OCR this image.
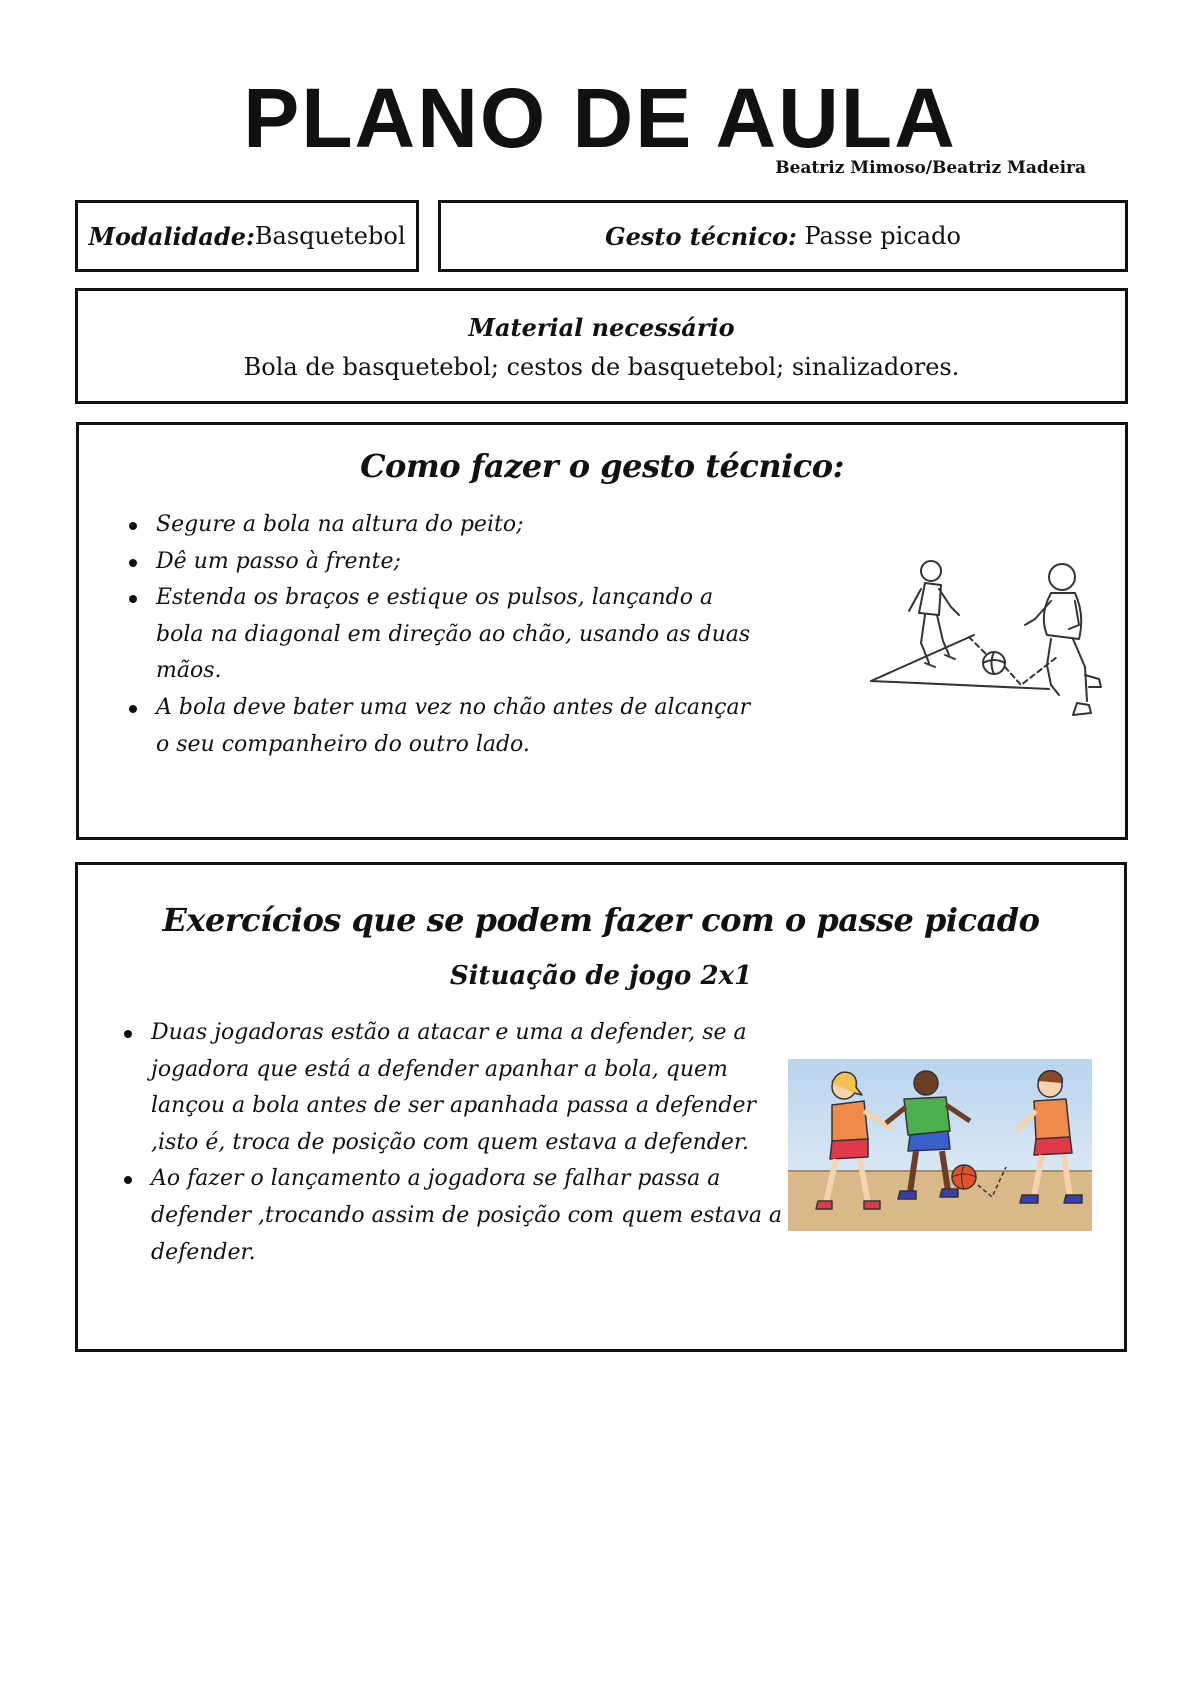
PLANO DE AULA
Beatriz Mimoso/Beatriz Madeira
Modalidade: Basquetebol	Gesto técnico: Passe picado
Material necessário
Bola de basquetebol; cestos de basquetebol; sinalizadores.
Como fazer o gesto técnico:
Segure a bola na altura do peito;
Dê um passo à frente;
Estenda os braços e estique os pulsos, lançando a bola na diagonal em direção ao chão, usando as duas mãos.
A bola deve bater uma vez no chão antes de alcançar o seu companheiro do outro lado.
Exercícios que se podem fazer com o passe picado
Situação de jogo 2x1
Duas jogadoras estão a atacar e uma a defender, se a jogadora que está a defender apanhar a bola, quem lançou a bola antes de ser apanhada passa a defender ,isto é, troca de posição com quem estava a defender.
Ao fazer o lançamento a jogadora se falhar passa a defender ,trocando assim de posição com quem estava a defender.
